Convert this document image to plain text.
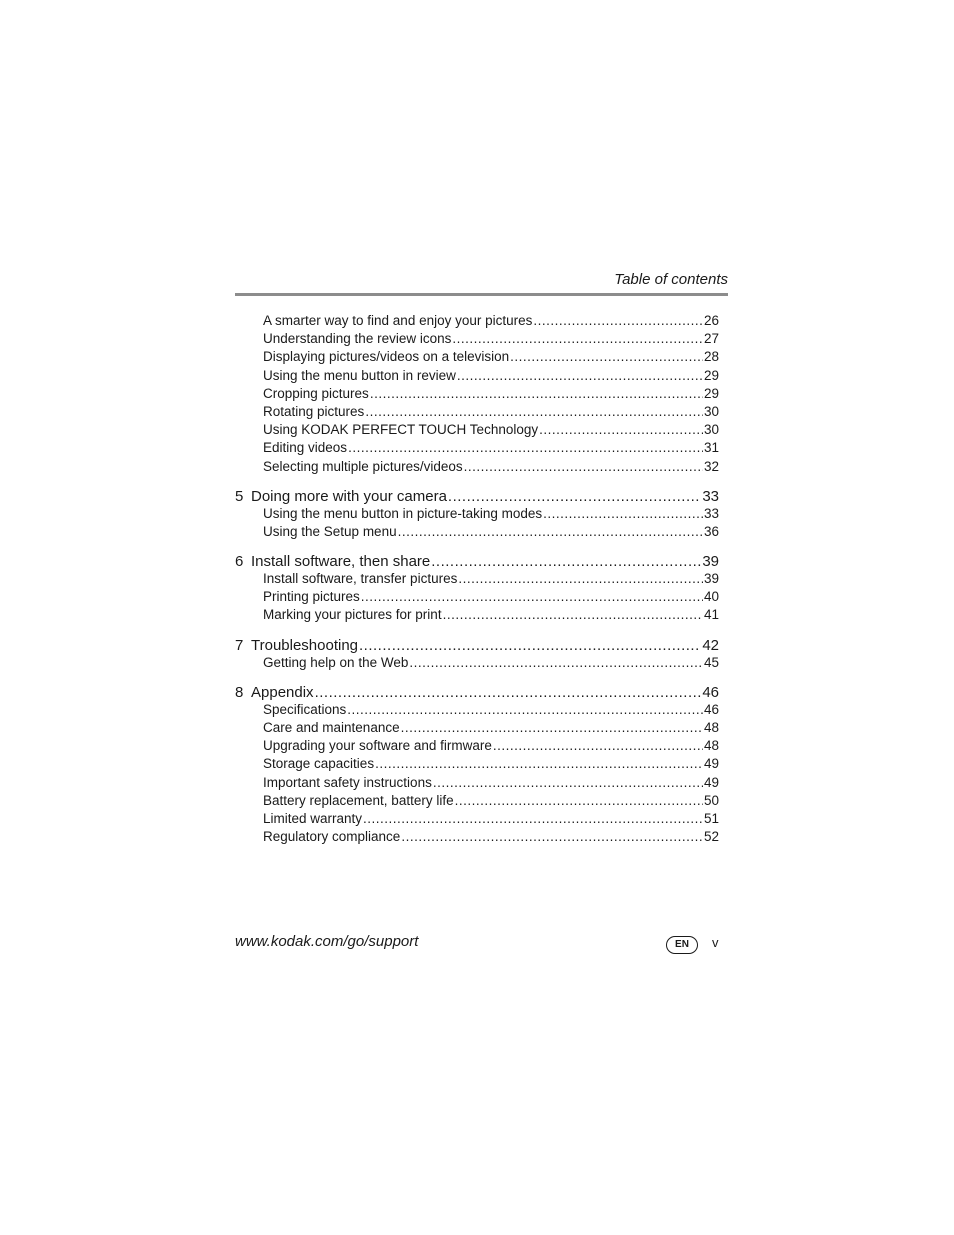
Table of contents
A smarter way to find and enjoy your pictures .....	26
Understanding the review icons .....	27
Displaying pictures/videos on a television .....	28
Using the menu button in review .....	29
Cropping pictures .....	29
Rotating pictures .....	30
Using KODAK PERFECT TOUCH Technology .....	30
Editing videos .....	31
Selecting multiple pictures/videos .....	32
5 Doing more with your camera .....	33
Using the menu button in picture-taking modes .....	33
Using the Setup menu .....	36
6 Install software, then share .....	39
Install software, transfer pictures .....	39
Printing pictures .....	40
Marking your pictures for print .....	41
7 Troubleshooting .....	42
Getting help on the Web .....	45
8 Appendix .....	46
Specifications .....	46
Care and maintenance .....	48
Upgrading your software and firmware .....	48
Storage capacities .....	49
Important safety instructions .....	49
Battery replacement, battery life .....	50
Limited warranty .....	51
Regulatory compliance .....	52
www.kodak.com/go/support	EN	v
